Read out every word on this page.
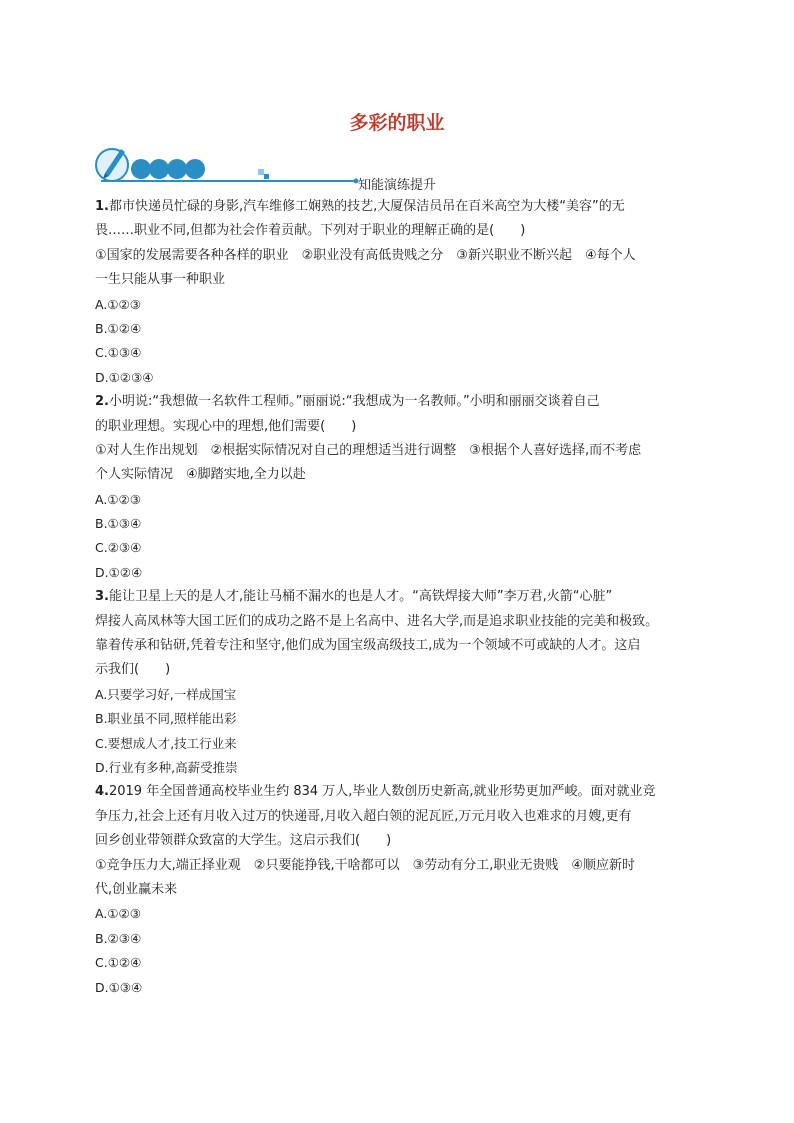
多彩的职业
知能演练提升
1.都市快递员忙碌的身影,汽车维修工娴熟的技艺,大厦保洁员吊在百米高空为大楼“美容”的无
畏……职业不同,但都为社会作着贡献。下列对于职业的理解正确的是(　　)
①国家的发展需要各种各样的职业　②职业没有高低贵贱之分　③新兴职业不断兴起　④每个人
一生只能从事一种职业
A.①②③
B.①②④
C.①③④
D.①②③④
2.小明说:“我想做一名软件工程师。”丽丽说:“我想成为一名教师。”小明和丽丽交谈着自己
的职业理想。实现心中的理想,他们需要(　　)
①对人生作出规划　②根据实际情况对自己的理想适当进行调整　③根据个人喜好选择,而不考虑
个人实际情况　④脚踏实地,全力以赴
A.①②③
B.①③④
C.②③④
D.①②④
3.能让卫星上天的是人才,能让马桶不漏水的也是人才。“高铁焊接大师”李万君,火箭“心脏”
焊接人高凤林等大国工匠们的成功之路不是上名高中、进名大学,而是追求职业技能的完美和极致。
靠着传承和钻研,凭着专注和坚守,他们成为国宝级高级技工,成为一个领域不可或缺的人才。这启
示我们(　　)
A.只要学习好,一样成国宝
B.职业虽不同,照样能出彩
C.要想成人才,技工行业来
D.行业有多种,高薪受推崇
4.2019 年全国普通高校毕业生约 834 万人,毕业人数创历史新高,就业形势更加严峻。面对就业竞
争压力,社会上还有月收入过万的快递哥,月收入超白领的泥瓦匠,万元月收入也难求的月嫂,更有
回乡创业带领群众致富的大学生。这启示我们(　　)
①竞争压力大,端正择业观　②只要能挣钱,干啥都可以　③劳动有分工,职业无贵贱　④顺应新时
代,创业赢未来
A.①②③
B.②③④
C.①②④
D.①③④
